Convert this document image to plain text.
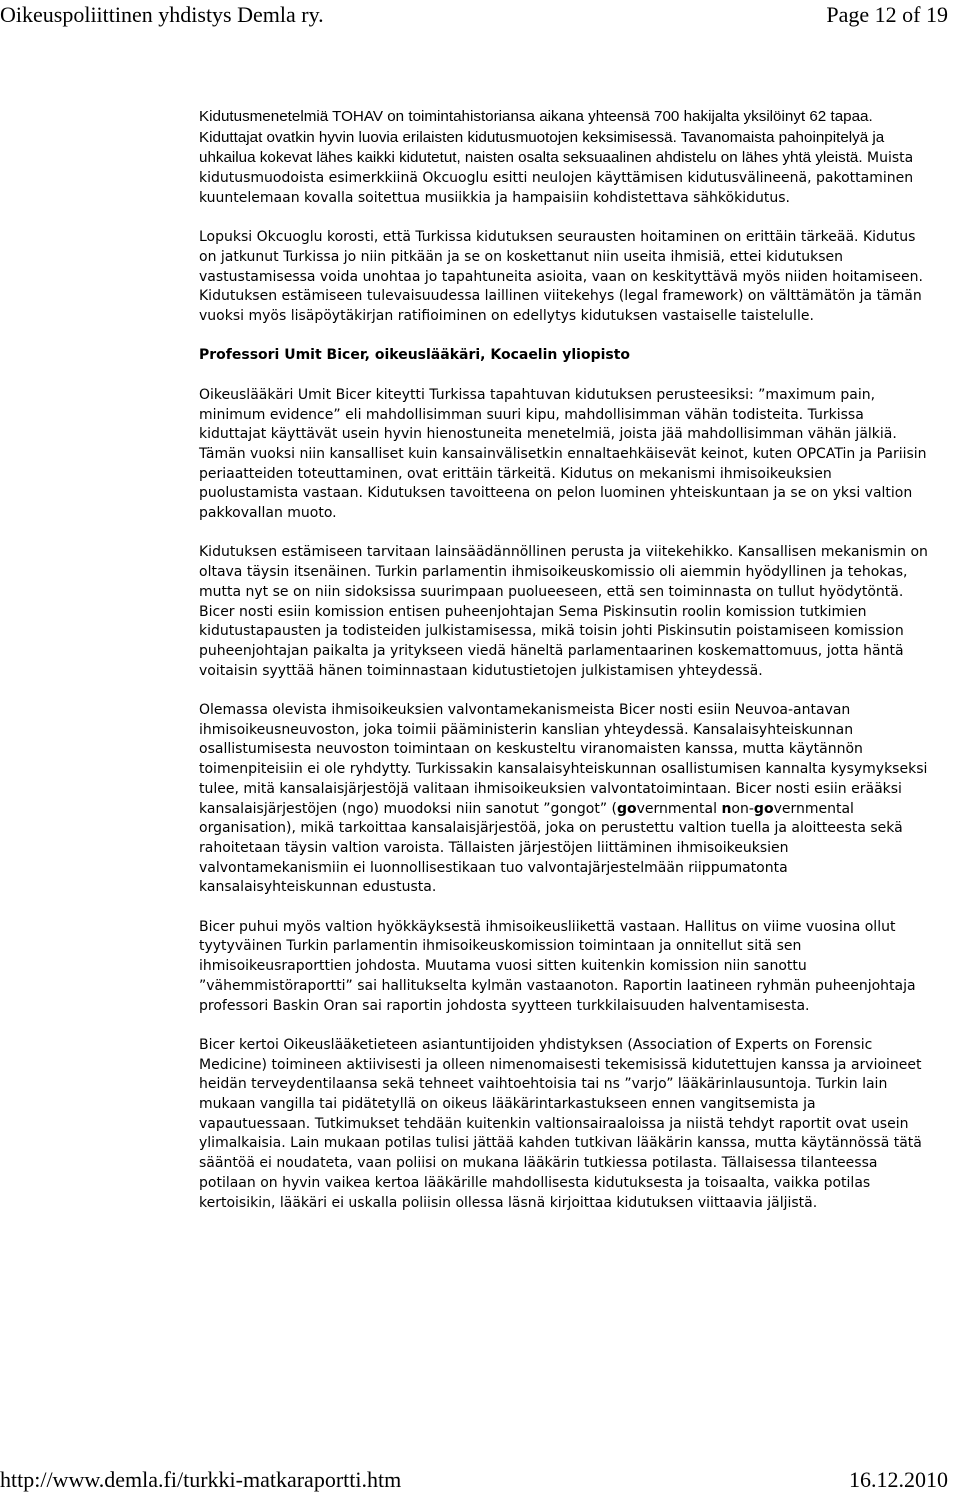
Oikeuspoliittinen yhdistys Demla ry.	Page 12 of 19

Kidutusmenetelmiä TOHAV on toimintahistoriansa aikana yhteensä 700 hakijalta yksilöinyt 62 tapaa. Kiduttajat ovatkin hyvin luovia erilaisten kidutusmuotojen keksimisessä. Tavanomaista pahoinpitelyä ja uhkailua kokevat lähes kaikki kidutetut, naisten osalta seksuaalinen ahdistelu on lähes yhtä yleistä. Muista kidutusmuodoista esimerkkiinä Okcuoglu esitti neulojen käyttämisen kidutusvälineenä, pakottaminen kuuntelemaan kovalla soitettua musiikkia ja hampaisiin kohdistettava sähkökidutus.

Lopuksi Okcuoglu korosti, että Turkissa kidutuksen seurausten hoitaminen on erittäin tärkeää. Kidutus on jatkunut Turkissa jo niin pitkään ja se on koskettanut niin useita ihmisiä, ettei kidutuksen vastustamisessa voida unohtaa jo tapahtuneita asioita, vaan on keskityttävä myös niiden hoitamiseen. Kidutuksen estämiseen tulevaisuudessa laillinen viitekehys (legal framework) on välttämätön ja tämän vuoksi myös lisäpöytäkirjan ratifioiminen on edellytys kidutuksen vastaiselle taistelulle.

Professori Umit Bicer, oikeuslääkäri, Kocaelin yliopisto

Oikeuslääkäri Umit Bicer kiteytti Turkissa tapahtuvan kidutuksen perusteesiksi: ”maximum pain, minimum evidence” eli mahdollisimman suuri kipu, mahdollisimman vähän todisteita. Turkissa kiduttajat käyttävät usein hyvin hienostuneita menetelmiä, joista jää mahdollisimman vähän jälkiä. Tämän vuoksi niin kansalliset kuin kansainvälisetkin ennaltaehkäisevät keinot, kuten OPCATin ja Pariisin periaatteiden toteuttaminen, ovat erittäin tärkeitä. Kidutus on mekanismi ihmisoikeuksien puolustamista vastaan. Kidutuksen tavoitteena on pelon luominen yhteiskuntaan ja se on yksi valtion pakkovallan muoto.

Kidutuksen estämiseen tarvitaan lainsäädännöllinen perusta ja viitekehikko. Kansallisen mekanismin on oltava täysin itsenäinen. Turkin parlamentin ihmisoikeuskomissio oli aiemmin hyödyllinen ja tehokas, mutta nyt se on niin sidoksissa suurimpaan puolueeseen, että sen toiminnasta on tullut hyödytöntä. Bicer nosti esiin komission entisen puheenjohtajan Sema Piskinsutin roolin komission tutkimien kidutustapausten ja todisteiden julkistamisessa, mikä toisin johti Piskinsutin poistamiseen komission puheenjohtajan paikalta ja yritykseen viedä häneltä parlamentaarinen koskemattomuus, jotta häntä voitaisin syyttää hänen toiminnastaan kidutustietojen julkistamisen yhteydessä.

Olemassa olevista ihmisoikeuksien valvontamekanismeista Bicer nosti esiin Neuvoa-antavan ihmisoikeusneuvoston, joka toimii pääministerin kanslian yhteydessä. Kansalaisyhteiskunnan osallistumisesta neuvoston toimintaan on keskusteltu viranomaisten kanssa, mutta käytännön toimenpiteisiin ei ole ryhdytty. Turkissakin kansalaisyhteiskunnan osallistumisen kannalta kysymykseksi tulee, mitä kansalaisjärjestöjä valitaan ihmisoikeuksien valvontatoimintaan. Bicer nosti esiin erääksi kansalaisjärjestöjen (ngo) muodoksi niin sanotut ”gongot” (governmental non-governmental organisation), mikä tarkoittaa kansalaisjärjestöä, joka on perustettu valtion tuella ja aloitteesta sekä rahoitetaan täysin valtion varoista. Tällaisten järjestöjen liittäminen ihmisoikeuksien valvontamekanismiin ei luonnollisestikaan tuo valvontajärjestelmään riippumatonta kansalaisyhteiskunnan edustusta.

Bicer puhui myös valtion hyökkäyksestä ihmisoikeusliikettä vastaan. Hallitus on viime vuosina ollut tyytyväinen Turkin parlamentin ihmisoikeuskomission toimintaan ja onnitellut sitä sen ihmisoikeusraporttien johdosta. Muutama vuosi sitten kuitenkin komission niin sanottu ”vähemmistöraportti” sai hallitukselta kylmän vastaanoton. Raportin laatineen ryhmän puheenjohtaja professori Baskin Oran sai raportin johdosta syytteen turkkilaisuuden halventamisesta.

Bicer kertoi Oikeuslääketieteen asiantuntijoiden yhdistyksen (Association of Experts on Forensic Medicine) toimineen aktiivisesti ja olleen nimenomaisesti tekemisissä kidutettujen kanssa ja arvioineet heidän terveydentilaansa sekä tehneet vaihtoehtoisia tai ns ”varjo” lääkärinlausuntoja. Turkin lain mukaan vangilla tai pidätetyllä on oikeus lääkärintarkastukseen ennen vangitsemista ja vapautuessaan. Tutkimukset tehdään kuitenkin valtionsairaaloissa ja niistä tehdyt raportit ovat usein ylimalkaisia. Lain mukaan potilas tulisi jättää kahden tutkivan lääkärin kanssa, mutta käytännössä tätä sääntöä ei noudateta, vaan poliisi on mukana lääkärin tutkiessa potilasta. Tällaisessa tilanteessa potilaan on hyvin vaikea kertoa lääkärille mahdollisesta kidutuksesta ja toisaalta, vaikka potilas kertoisikin, lääkäri ei uskalla poliisin ollessa läsnä kirjoittaa kidutuksen viittaavia jäljistä.

http://www.demla.fi/turkki-matkaraportti.htm	16.12.2010
